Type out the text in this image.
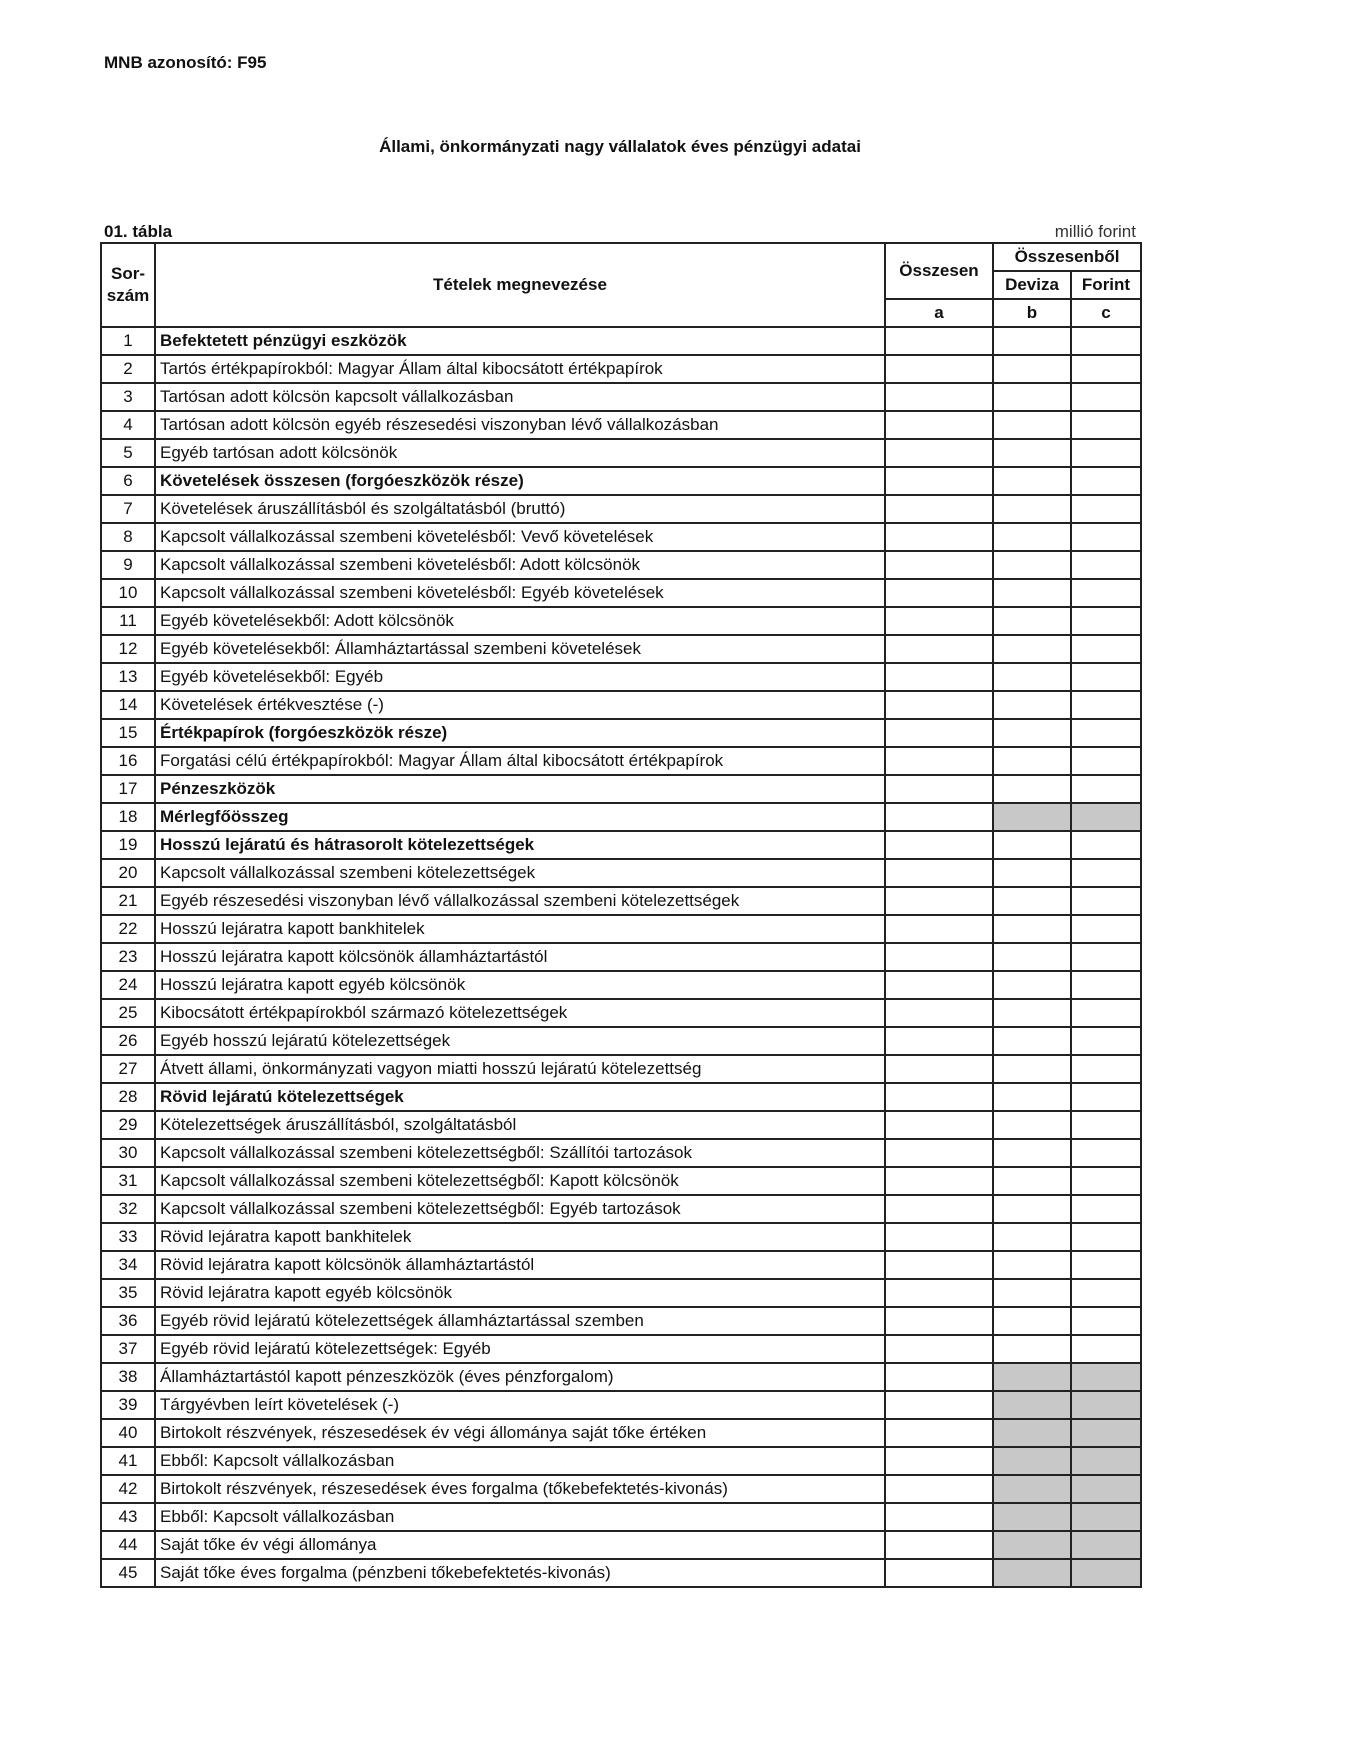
MNB azonosító: F95
Állami, önkormányzati nagy vállalatok éves pénzügyi adatai
01. tábla	millió forint
Sor-
szám	Tételek megnevezése	Összesen	Összesenből	
			Deviza	Forint
		a	b	c
1	Befektetett pénzügyi eszközök			
2	Tartós értékpapírokból: Magyar Állam által kibocsátott értékpapírok			
3	Tartósan adott kölcsön kapcsolt vállalkozásban			
4	Tartósan adott kölcsön egyéb részesedési viszonyban lévő vállalkozásban			
5	Egyéb tartósan adott kölcsönök			
6	Követelések összesen (forgóeszközök része)			
7	Követelések áruszállításból és szolgáltatásból (bruttó)			
8	Kapcsolt vállalkozással szembeni követelésből: Vevő követelések			
9	Kapcsolt vállalkozással szembeni követelésből: Adott kölcsönök			
10	Kapcsolt vállalkozással szembeni követelésből: Egyéb követelések			
11	Egyéb követelésekből: Adott kölcsönök			
12	Egyéb követelésekből: Államháztartással szembeni követelések			
13	Egyéb követelésekből: Egyéb			
14	Követelések értékvesztése (-)			
15	Értékpapírok (forgóeszközök része)			
16	Forgatási célú értékpapírokból: Magyar Állam által kibocsátott értékpapírok			
17	Pénzeszközök			
18	Mérlegfőösszeg			
19	Hosszú lejáratú és hátrasorolt kötelezettségek			
20	Kapcsolt vállalkozással szembeni kötelezettségek			
21	Egyéb részesedési viszonyban lévő vállalkozással szembeni kötelezettségek			
22	Hosszú lejáratra kapott bankhitelek			
23	Hosszú lejáratra kapott kölcsönök államháztartástól			
24	Hosszú lejáratra kapott egyéb kölcsönök			
25	Kibocsátott értékpapírokból származó kötelezettségek			
26	Egyéb hosszú lejáratú kötelezettségek			
27	Átvett állami, önkormányzati vagyon miatti hosszú lejáratú kötelezettség			
28	Rövid lejáratú kötelezettségek			
29	Kötelezettségek áruszállításból, szolgáltatásból			
30	Kapcsolt vállalkozással szembeni kötelezettségből: Szállítói tartozások			
31	Kapcsolt vállalkozással szembeni kötelezettségből: Kapott kölcsönök			
32	Kapcsolt vállalkozással szembeni kötelezettségből: Egyéb tartozások			
33	Rövid lejáratra kapott bankhitelek			
34	Rövid lejáratra kapott kölcsönök államháztartástól			
35	Rövid lejáratra kapott egyéb kölcsönök			
36	Egyéb rövid lejáratú kötelezettségek államháztartással szemben			
37	Egyéb rövid lejáratú kötelezettségek: Egyéb			
38	Államháztartástól kapott pénzeszközök (éves pénzforgalom)			
39	Tárgyévben leírt követelések (-)			
40	Birtokolt részvények, részesedések év végi állománya saját tőke értéken			
41	Ebből: Kapcsolt vállalkozásban			
42	Birtokolt részvények, részesedések éves forgalma (tőkebefektetés-kivonás)			
43	Ebből: Kapcsolt vállalkozásban			
44	Saját tőke év végi állománya			
45	Saját tőke éves forgalma (pénzbeni tőkebefektetés-kivonás)			
